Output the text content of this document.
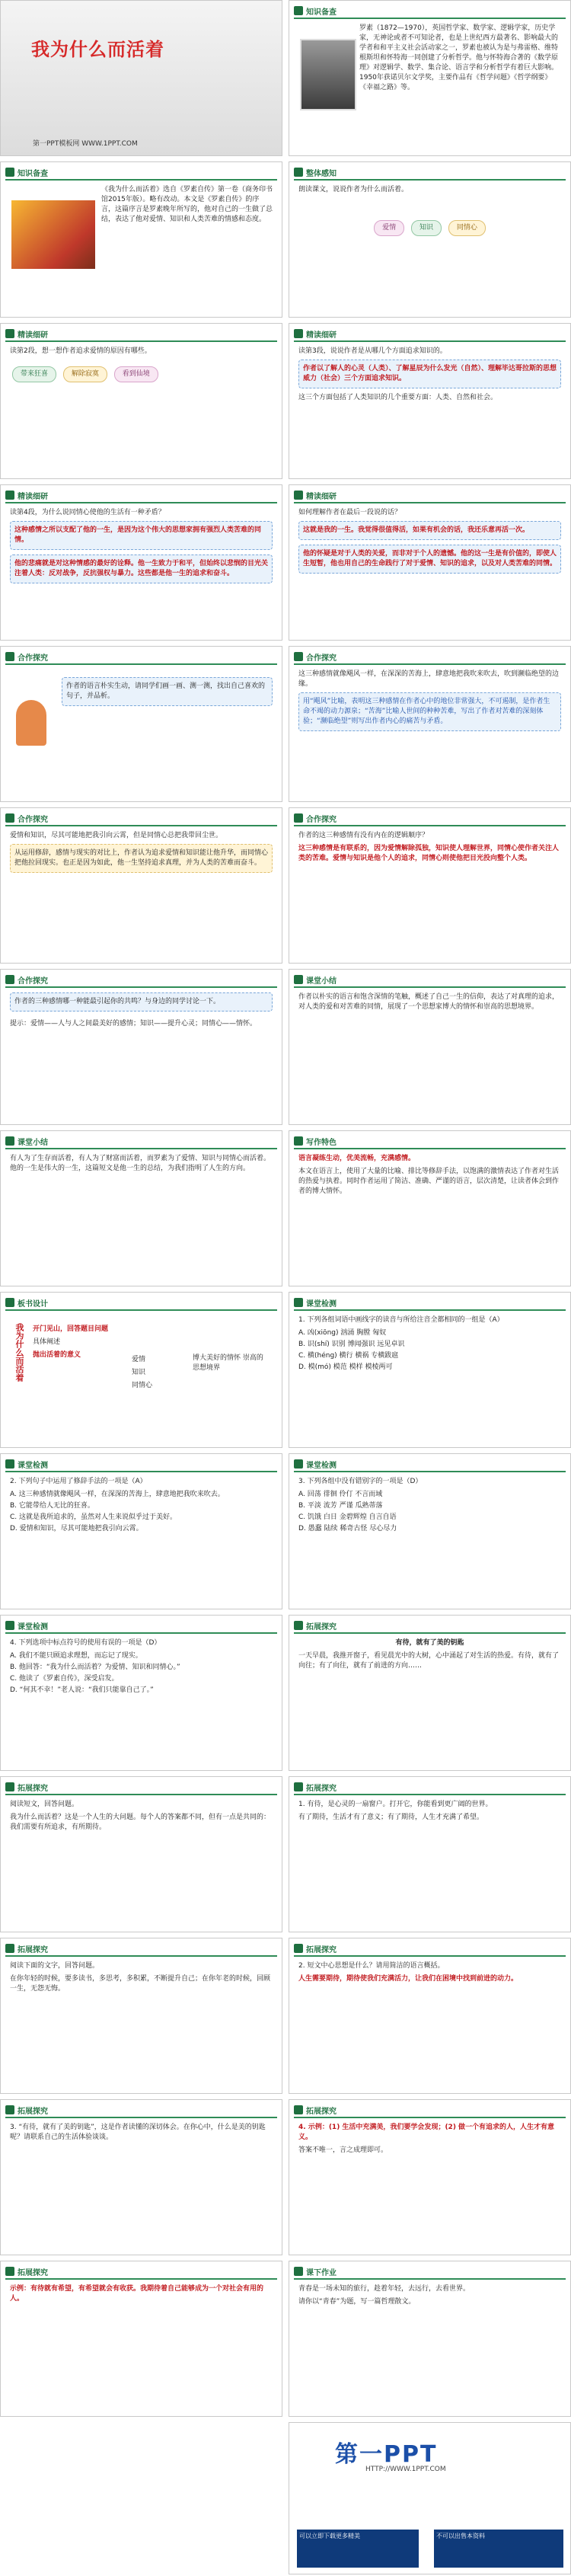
我为什么而活着
第一PPT模板网 WWW.1PPT.COM
知识备查

罗素（1872—1970），英国哲学家、数学家、逻辑学家，历史学家，无神论或者不可知论者，也是上世纪西方最著名、影响最大的学者和和平主义社会活动家之一，罗素也被认为是与弗雷格、维特根斯坦和怀特海一同创建了分析哲学。他与怀特海合著的《数学原理》对逻辑学、数学、集合论、语言学和分析哲学有着巨大影响。1950年获诺贝尔文学奖，主要作品有《哲学问题》《哲学纲要》《幸福之路》等。

知识备查

《我为什么而活着》选自《罗素自传》第一卷（商务印书馆2015年版）。略有改动。本文是《罗素自传》的序言，这篇序言是罗素晚年所写的，他对自己的一生做了总结，表达了他对爱情、知识和人类苦难的情感和态度。

整体感知

朗读课文，说说作者为什么而活着。

爱情	知识	同情心
精读细研

读第2段，想一想作者追求爱情的原因有哪些。

带来狂喜	解除寂寞	看到仙境
精读细研

读第3段，说说作者是从哪几个方面追求知识的。

作者以了解人的心灵（人类）、了解星辰为什么发光（自然）、理解毕达哥拉斯的思想威力（社会）三个方面追求知识。

这三个方面包括了人类知识的几个重要方面：人类、自然和社会。

精读细研

读第4段，为什么说同情心使他的生活有一种矛盾？

这种感情之所以支配了他的一生，是因为这个伟大的思想家拥有强烈人类苦难的同情。
他的悲痛就是对这种情感的最好的诠释。他一生致力于和平，但始终以悲悯的目光关注着人类：反对战争，反抗强权与暴力。这些都是他一生的追求和奋斗。
精读细研

如何理解作者在最后一段说的话？

这就是我的一生。我觉得很值得活，如果有机会的话，我还乐意再活一次。
他的怀疑是对于人类的关爱，而非对于个人的遗憾。他的这一生是有价值的，即使人生短暂，他也用自己的生命践行了对于爱情、知识的追求，以及对人类苦难的同情。
合作探究
作者的语言朴实生动，请同学们画一画、测一测，找出自己喜欢的句子，并品析。
合作探究

这三种感情就像飓风一样，在深深的苦海上，肆意地把我吹来吹去，吹到濒临绝望的边缘。

用“飓风”比喻，表明这三种感情在作者心中的地位非常强大，不可遏制，是作者生命不竭的动力源泉；“苦海”比喻人世间的种种苦难，写出了作者对苦难的深刻体验；“濒临绝望”则写出作者内心的痛苦与矛盾。
合作探究

爱情和知识，尽其可能地把我引向云霄，但是同情心总把我带回尘世。

从运用修辞，感情与现实的对比上，作者认为追求爱情和知识能让他升华，而同情心把他拉回现实。也正是因为如此，他一生坚持追求真理，并为人类的苦难而奋斗。
合作探究

作者的这三种感情有没有内在的逻辑顺序？

这三种感情是有联系的，因为爱情解除孤独，知识使人理解世界，同情心使作者关注人类的苦难。爱情与知识是他个人的追求，同情心则使他把目光投向整个人类。

合作探究
作者的三种感情哪一种能最引起你的共鸣？与身边的同学讨论一下。

提示：爱情——人与人之间最美好的感情；知识——提升心灵；同情心——情怀。

课堂小结

作者以朴实的语言和饱含深情的笔触，概述了自己一生的信仰，表达了对真理的追求，对人类的爱和对苦难的同情，展现了一个思想家博大的情怀和崇高的思想境界。

课堂小结

有人为了生存而活着，有人为了财富而活着，而罗素为了爱情、知识与同情心而活着。他的一生是伟大的一生，这篇短文是他一生的总结，为我们指明了人生的方向。

写作特色

语言凝练生动，优美流畅，充满感情。

本文在语言上，使用了大量的比喻、排比等修辞手法，以饱满的激情表达了作者对生活的热爱与执着。同时作者运用了简洁、准确、严谨的语言，层次清楚，让读者体会到作者的博大情怀。

板书设计
我为什么而活着 开门见山，回答题目问题
具体阐述
抛出活着的意义
爱情
知识
同情心
博大美好的情怀 崇高的思想境界
课堂检测

1. 下列各组词语中画线字的读音与所给注音全都相同的一组是（A）

A. 凶(xiōng) 汹涌 胸膛 匈奴
B. 识(shí) 识别 博闻强识 远见卓识
C. 横(héng) 横行 横祸 专横跋扈
D. 模(mó) 模范 模样 模棱两可
课堂检测

2. 下列句子中运用了修辞手法的一项是（A）

A. 这三种感情就像飓风一样，在深深的苦海上，肆意地把我吹来吹去。
B. 它能带给人无比的狂喜。
C. 这就是我所追求的，虽然对人生来说似乎过于美好。
D. 爱情和知识，尽其可能地把我引向云霄。
课堂检测

3. 下列各组中没有错别字的一项是（D）

A. 回荡 徘徊 伶仃 不言而域
B. 平淡 流芳 严谨 瓜熟蒂落
C. 饥饿 白日 金碧辉煌 自言自语
D. 愚蠢 陆续 稀奇古怪 尽心尽力
课堂检测

4. 下列选项中标点符号的使用有误的一项是（D）

A. 我们不能只顾追求理想，而忘记了现实。
B. 他回答：“我为什么而活着？为爱情、知识和同情心。”
C. 他读了《罗素自传》，深受启发。
D. “何其不幸！”老人说：“我们只能靠自己了。”
拓展探究

有待，就有了美的钥匙

一天早晨，我推开窗子，看见晨光中的大树，心中涌起了对生活的热爱。有待，就有了向往；有了向往，就有了前进的方向……

拓展探究

阅读短文，回答问题。

我为什么而活着？这是一个人生的大问题。每个人的答案都不同，但有一点是共同的：我们需要有所追求，有所期待。

拓展探究

1. 有待，是心灵的一扇窗户。打开它，你能看到更广阔的世界。

有了期待，生活才有了意义；有了期待，人生才充满了希望。

拓展探究

阅读下面的文字，回答问题。

在你年轻的时候，要多读书，多思考，多积累，不断提升自己；在你年老的时候，回顾一生，无怨无悔。

拓展探究

2. 短文中心思想是什么？请用简洁的语言概括。

人生需要期待，期待使我们充满活力，让我们在困境中找到前进的动力。

拓展探究

3. “有待，就有了美的钥匙”，这是作者读懂的深切体会。在你心中，什么是美的钥匙呢？请联系自己的生活体验谈谈。

拓展探究

4. 示例：(1) 生活中充满美，我们要学会发现；(2) 做一个有追求的人，人生才有意义。

答案不唯一，言之成理即可。

拓展探究

示例：有待就有希望，有希望就会有收获。我期待着自己能够成为一个对社会有用的人。

课下作业

青春是一场未知的旅行，趁着年轻，去远行，去看世界。

请你以“青春”为题，写一篇哲理散文。

第一PPT
HTTP://WWW.1PPT.COM
可以立即下载更多精美	不可以出售本资料
